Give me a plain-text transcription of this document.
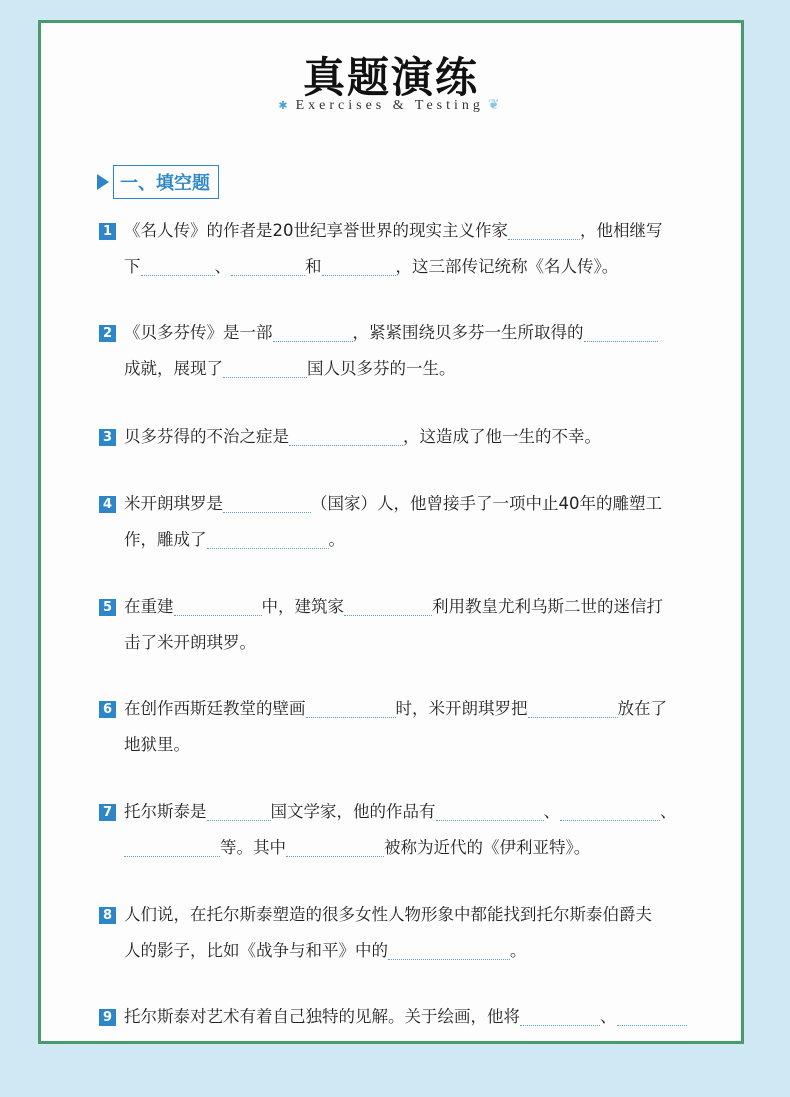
真题演练
✱ Exercises & Testing ❦
一、填空题
1 《名人传》的作者是20世纪享誉世界的现实主义作家	，他相继写
下	、	和	，这三部传记统称《名人传》。
2 《贝多芬传》是一部	，紧紧围绕贝多芬一生所取得的
成就，展现了	国人贝多芬的一生。
3 贝多芬得的不治之症是	，这造成了他一生的不幸。
4 米开朗琪罗是	（国家）人，他曾接手了一项中止40年的雕塑工
作，雕成了	。
5 在重建	中，建筑家	利用教皇尤利乌斯二世的迷信打
击了米开朗琪罗。
6 在创作西斯廷教堂的壁画	时，米开朗琪罗把	放在了
地狱里。
7 托尔斯泰是	国文学家，他的作品有	、	、
等。其中	被称为近代的《伊利亚特》。
8 人们说，在托尔斯泰塑造的很多女性人物形象中都能找到托尔斯泰伯爵夫
人的影子，比如《战争与和平》中的	。
9 托尔斯泰对艺术有着自己独特的见解。关于绘画，他将	、
